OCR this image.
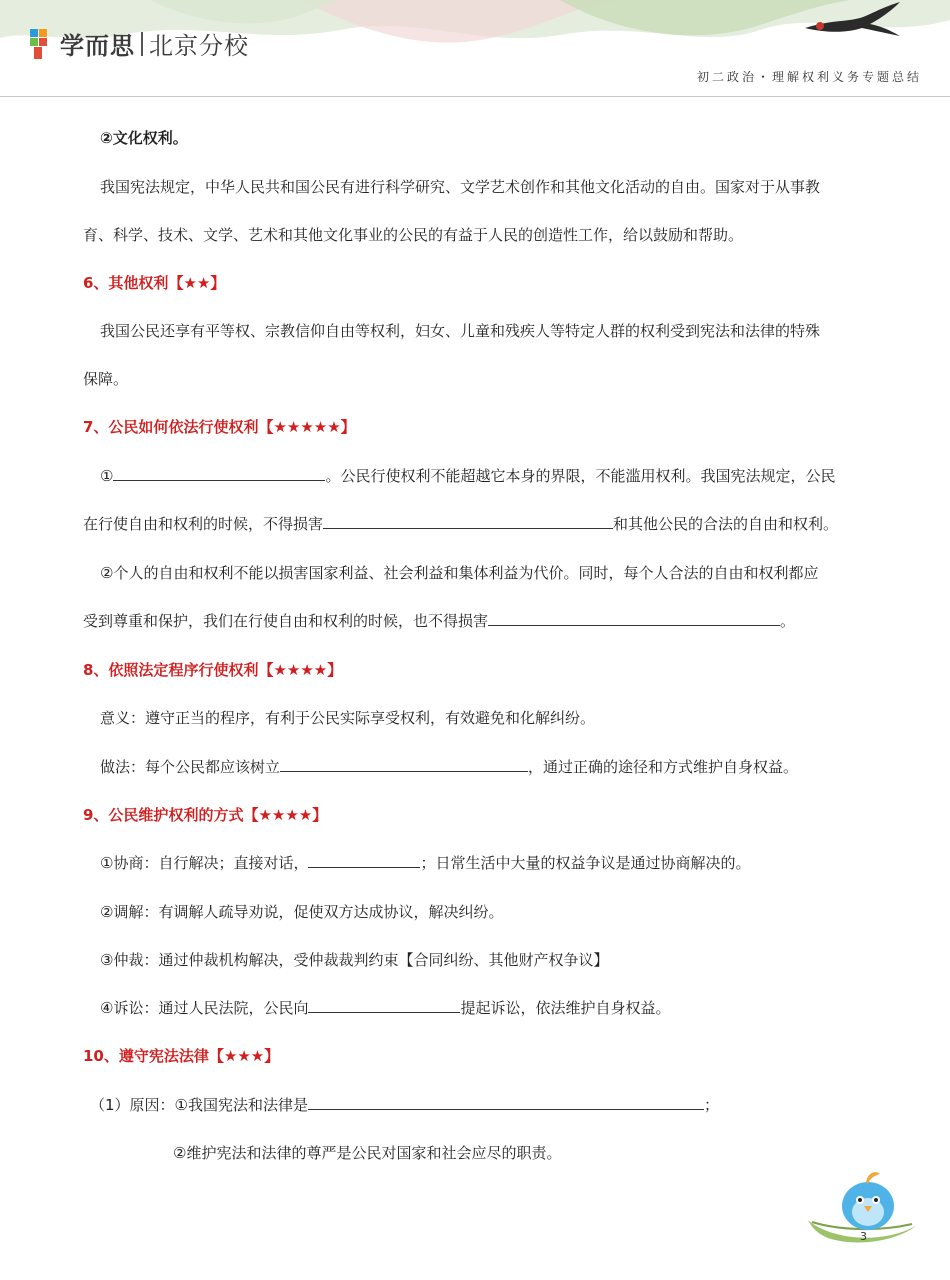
学而思 北京分校
初二政治・理解权利义务专题总结
②文化权利。
我国宪法规定，中华人民共和国公民有进行科学研究、文学艺术创作和其他文化活动的自由。国家对于从事教
育、科学、技术、文学、艺术和其他文化事业的公民的有益于人民的创造性工作，给以鼓励和帮助。
6、其他权利【★★】
我国公民还享有平等权、宗教信仰自由等权利，妇女、儿童和残疾人等特定人群的权利受到宪法和法律的特殊
保障。
7、公民如何依法行使权利【★★★★★】
①	。公民行使权利不能超越它本身的界限，不能滥用权利。我国宪法规定，公民
在行使自由和权利的时候，不得损害	和其他公民的合法的自由和权利。
②个人的自由和权利不能以损害国家利益、社会利益和集体利益为代价。同时，每个人合法的自由和权利都应
受到尊重和保护，我们在行使自由和权利的时候，也不得损害	。
8、依照法定程序行使权利【★★★★】
意义：遵守正当的程序，有利于公民实际享受权利，有效避免和化解纠纷。
做法：每个公民都应该树立	，通过正确的途径和方式维护自身权益。
9、公民维护权利的方式【★★★★】
①协商：自行解决；直接对话，	；日常生活中大量的权益争议是通过协商解决的。
②调解：有调解人疏导劝说，促使双方达成协议，解决纠纷。
③仲裁：通过仲裁机构解决，受仲裁裁判约束【合同纠纷、其他财产权争议】
④诉讼：通过人民法院，公民向	提起诉讼，依法维护自身权益。
10、遵守宪法法律【★★★】
（1）原因：①我国宪法和法律是	；
②维护宪法和法律的尊严是公民对国家和社会应尽的职责。
3
